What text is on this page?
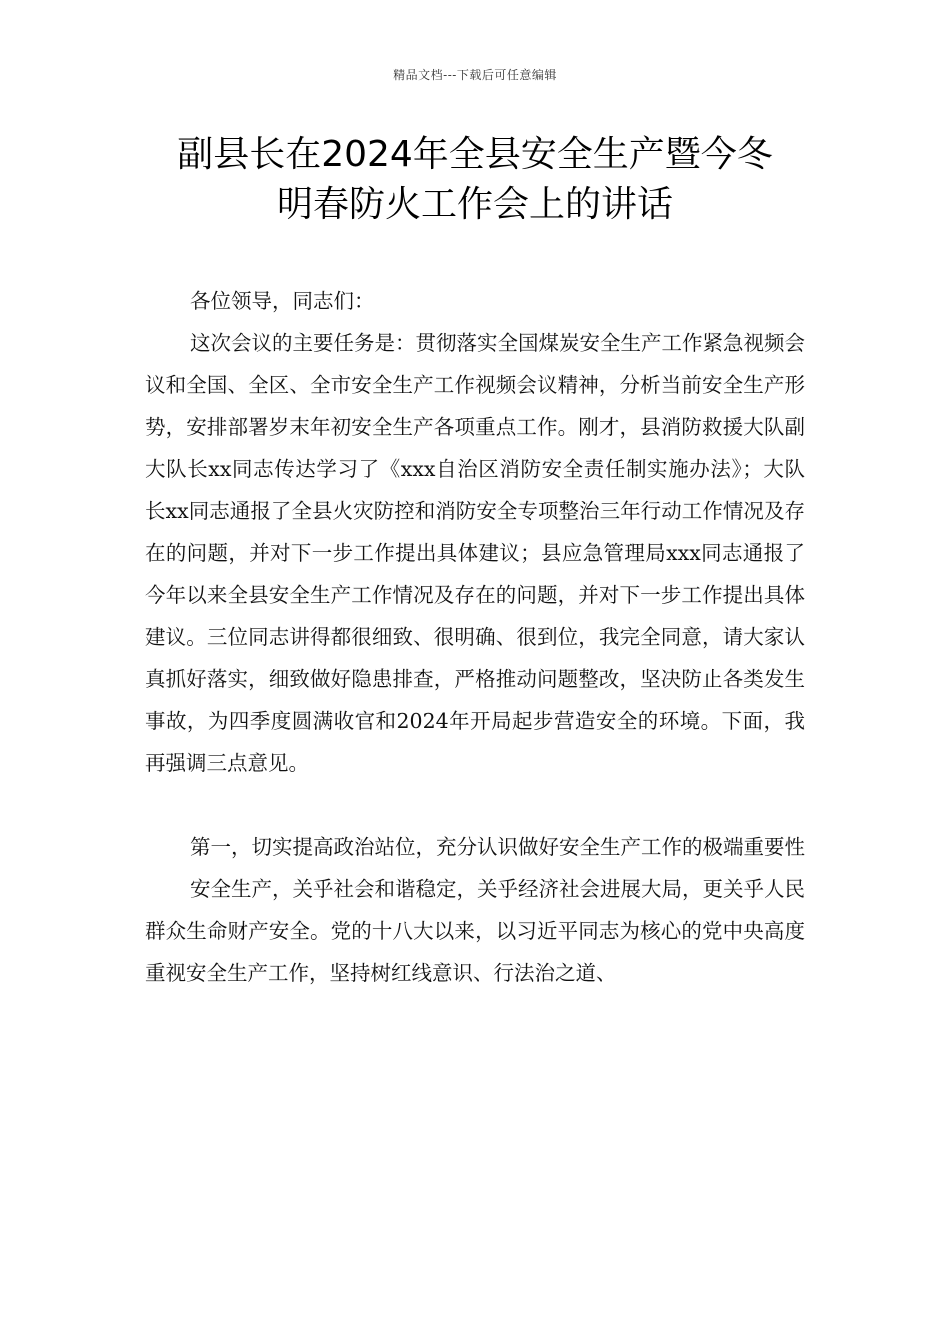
精品文档---下载后可任意编辑
副县长在2024年全县安全生产暨今冬
明春防火工作会上的讲话

各位领导，同志们：

这次会议的主要任务是：贯彻落实全国煤炭安全生产工作紧急视频会议和全国、全区、全市安全生产工作视频会议精神，分析当前安全生产形势，安排部署岁末年初安全生产各项重点工作。刚才，县消防救援大队副大队长xx同志传达学习了《xxx自治区消防安全责任制实施办法》；大队长xx同志通报了全县火灾防控和消防安全专项整治三年行动工作情况及存在的问题，并对下一步工作提出具体建议；县应急管理局xxx同志通报了今年以来全县安全生产工作情况及存在的问题，并对下一步工作提出具体建议。三位同志讲得都很细致、很明确、很到位，我完全同意，请大家认真抓好落实，细致做好隐患排查，严格推动问题整改，坚决防止各类发生事故，为四季度圆满收官和2024年开局起步营造安全的环境。下面，我再强调三点意见。

第一，切实提高政治站位，充分认识做好安全生产工作的极端重要性

安全生产，关乎社会和谐稳定，关乎经济社会进展大局，更关乎人民群众生命财产安全。党的十八大以来，以习近平同志为核心的党中央高度重视安全生产工作，坚持树红线意识、行法治之道、
